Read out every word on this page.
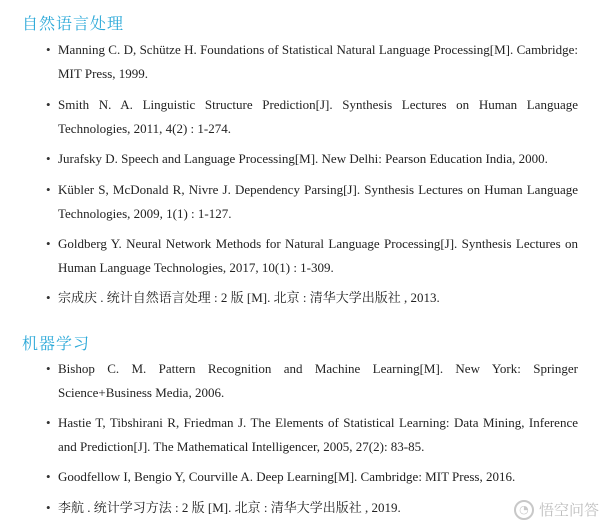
自然语言处理
• Manning C. D, Schütze H. Foundations of Statistical Natural Language Processing[M]. Cambridge: MIT Press, 1999.
• Smith N. A. Linguistic Structure Prediction[J]. Synthesis Lectures on Human Language Technologies, 2011, 4(2) : 1-274.
• Jurafsky D. Speech and Language Processing[M]. New Delhi: Pearson Education India, 2000.
• Kübler S, McDonald R, Nivre J. Dependency Parsing[J]. Synthesis Lectures on Human Language Technologies, 2009, 1(1) : 1-127.
• Goldberg Y. Neural Network Methods for Natural Language Processing[J]. Synthesis Lectures on Human Language Technologies, 2017, 10(1) : 1-309.
• 宗成庆 . 统计自然语言处理 : 2 版 [M]. 北京 : 清华大学出版社 , 2013.
机器学习
• Bishop C. M. Pattern Recognition and Machine Learning[M]. New York: Springer Science+Business Media, 2006.
• Hastie T, Tibshirani R, Friedman J. The Elements of Statistical Learning: Data Mining, Inference and Prediction[J]. The Mathematical Intelligencer, 2005, 27(2): 83-85.
• Goodfellow I, Bengio Y, Courville A. Deep Learning[M]. Cambridge: MIT Press, 2016.
• 李航 . 统计学习方法 : 2 版 [M]. 北京 : 清华大学出版社 , 2019.	◔ 悟空问答
